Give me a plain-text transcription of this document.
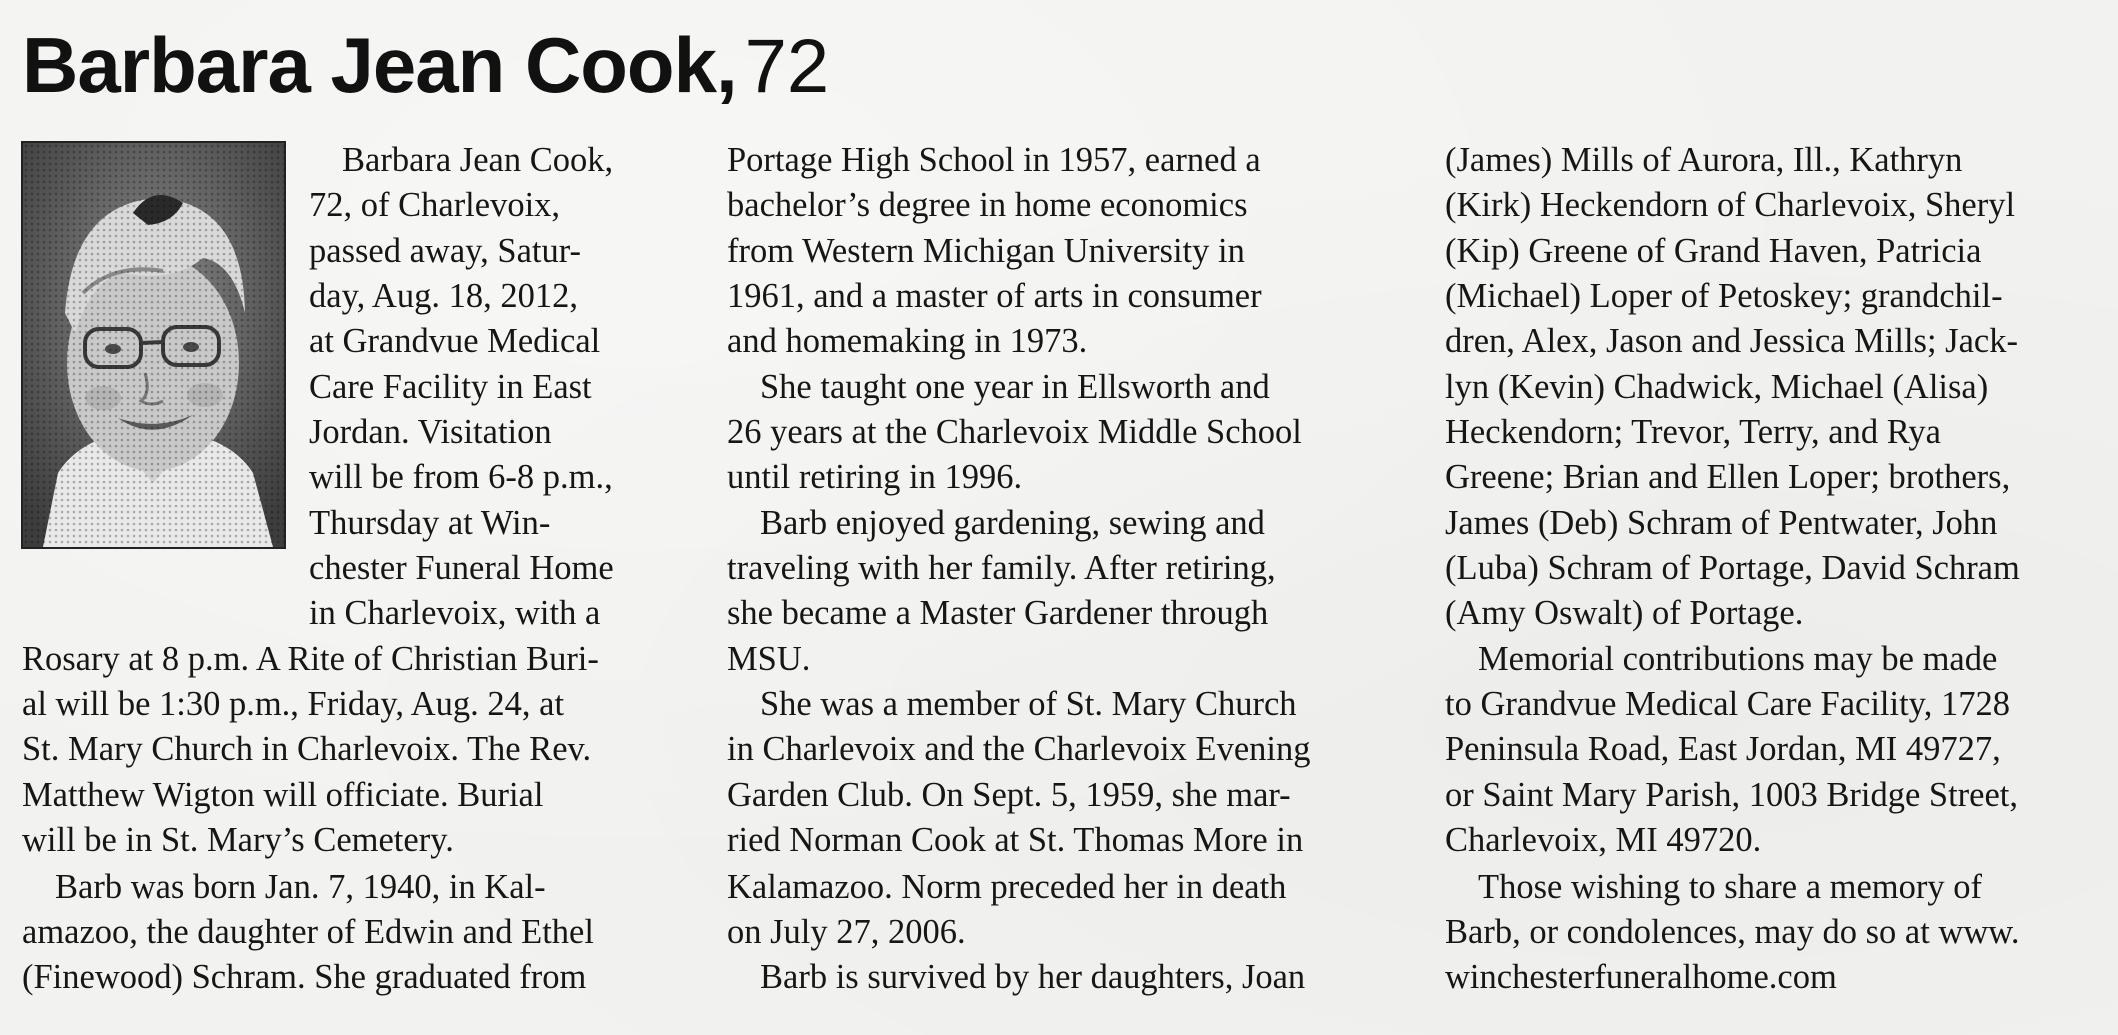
Barbara Jean Cook, 72
Barbara Jean Cook,
72, of Charlevoix,
passed away, Satur-
day, Aug. 18, 2012,
at Grandvue Medical
Care Facility in East
Jordan. Visitation
will be from 6-8 p.m.,
Thursday at Win-
chester Funeral Home
in Charlevoix, with a
Rosary at 8 p.m. A Rite of Christian Buri-
al will be 1:30 p.m., Friday, Aug. 24, at
St. Mary Church in Charlevoix. The Rev.
Matthew Wigton will officiate. Burial
will be in St. Mary’s Cemetery.
Barb was born Jan. 7, 1940, in Kal-
amazoo, the daughter of Edwin and Ethel
(Finewood) Schram. She graduated from
Portage High School in 1957, earned a
bachelor’s degree in home economics
from Western Michigan University in
1961, and a master of arts in consumer
and homemaking in 1973.
She taught one year in Ellsworth and
26 years at the Charlevoix Middle School
until retiring in 1996.
Barb enjoyed gardening, sewing and
traveling with her family. After retiring,
she became a Master Gardener through
MSU.
She was a member of St. Mary Church
in Charlevoix and the Charlevoix Evening
Garden Club. On Sept. 5, 1959, she mar-
ried Norman Cook at St. Thomas More in
Kalamazoo. Norm preceded her in death
on July 27, 2006.
Barb is survived by her daughters, Joan
(James) Mills of Aurora, Ill., Kathryn
(Kirk) Heckendorn of Charlevoix, Sheryl
(Kip) Greene of Grand Haven, Patricia
(Michael) Loper of Petoskey; grandchil-
dren, Alex, Jason and Jessica Mills; Jack-
lyn (Kevin) Chadwick, Michael (Alisa)
Heckendorn; Trevor, Terry, and Rya
Greene; Brian and Ellen Loper; brothers,
James (Deb) Schram of Pentwater, John
(Luba) Schram of Portage, David Schram
(Amy Oswalt) of Portage.
Memorial contributions may be made
to Grandvue Medical Care Facility, 1728
Peninsula Road, East Jordan, MI 49727,
or Saint Mary Parish, 1003 Bridge Street,
Charlevoix, MI 49720.
Those wishing to share a memory of
Barb, or condolences, may do so at www.
winchesterfuneralhome.com
